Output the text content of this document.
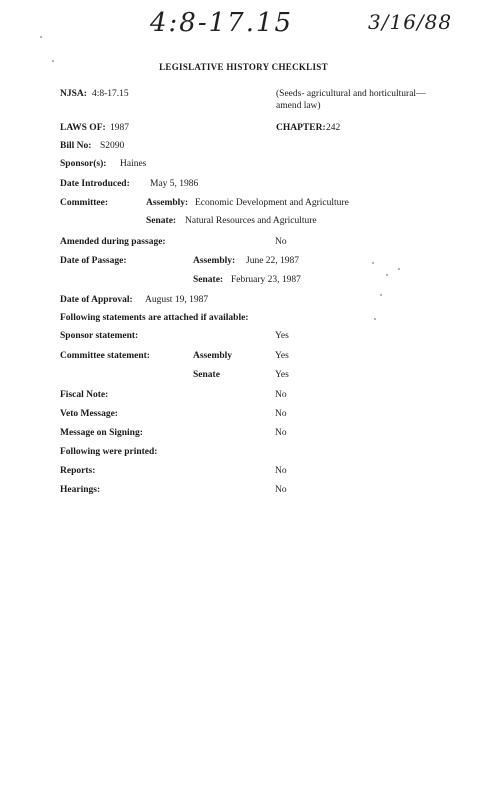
4:8-17.15	3/16/88
LEGISLATIVE HISTORY CHECKLIST
NJSA: 4:8-17.15	(Seeds- agricultural and horticultural—
amend law)
LAWS OF: 1987	CHAPTER: 242
Bill No: S2090
Sponsor(s): Haines
Date Introduced: May 5, 1986
Committee:	Assembly: Economic Development and Agriculture
Senate: Natural Resources and Agriculture
Amended during passage:	No
Date of Passage:	Assembly: June 22, 1987
Senate: February 23, 1987
Date of Approval: August 19, 1987
Following statements are attached if available:
Sponsor statement:	Yes
Committee statement:	Assembly	Yes
Senate	Yes
Fiscal Note:	No
Veto Message:	No
Message on Signing:	No
Following were printed:
Reports:	No
Hearings:	No
